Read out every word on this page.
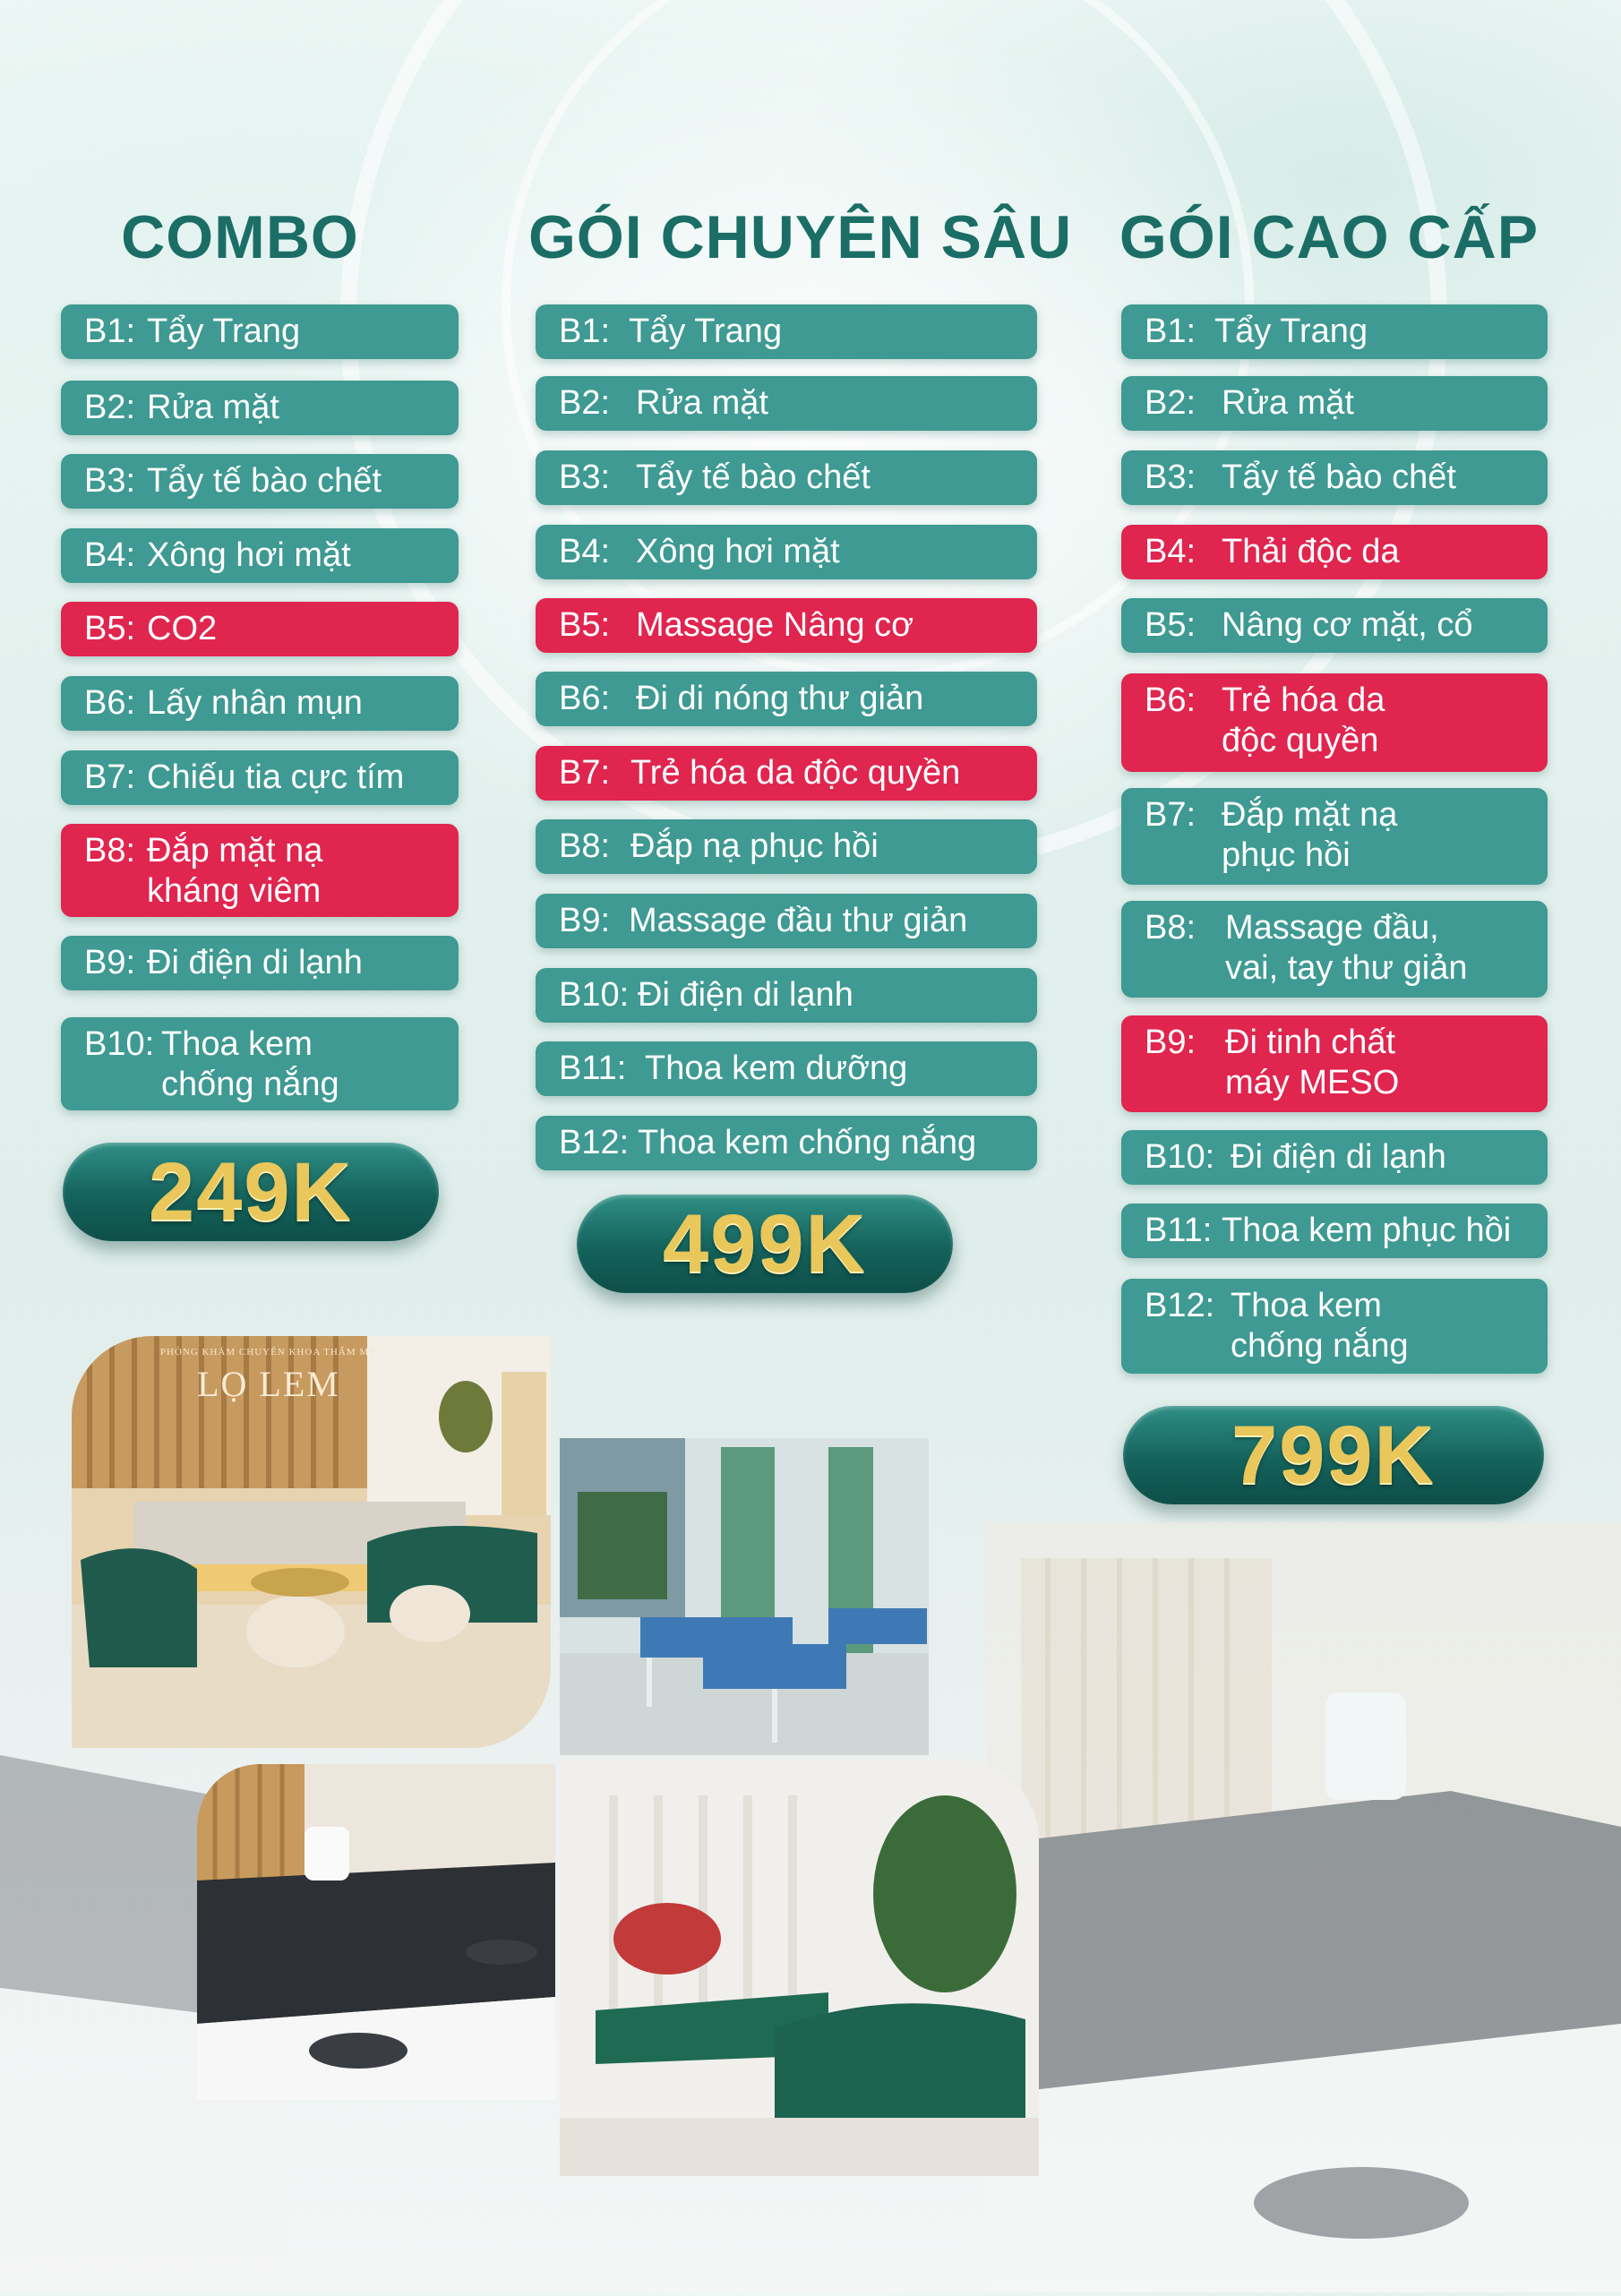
COMBO
B1: Tẩy Trang
B2: Rửa mặt
B3: Tẩy tế bào chết
B4: Xông hơi mặt
B5: CO2
B6: Lấy nhân mụn
B7: Chiếu tia cực tím
B8: Đắp mặt nạ
kháng viêm
B9: Đi điện di lạnh
B10: Thoa kem
chống nắng
249K
GÓI CHUYÊN SÂU
B1: Tẩy Trang
B2: Rửa mặt
B3: Tẩy tế bào chết
B4: Xông hơi mặt
B5: Massage Nâng cơ
B6: Đi di nóng thư giản
B7: Trẻ hóa da độc quyền
B8: Đắp nạ phục hồi
B9: Massage đầu thư giản
B10: Đi điện di lạnh
B11: Thoa kem dưỡng
B12: Thoa kem chống nắng
499K
GÓI CAO CẤP
B1: Tẩy Trang
B2: Rửa mặt
B3: Tẩy tế bào chết
B4: Thải độc da
B5: Nâng cơ mặt, cổ
B6: Trẻ hóa da
độc quyền
B7: Đắp mặt nạ
phục hồi
B8: Massage đầu,
vai, tay thư giản
B9: Đi tinh chất
máy MESO
B10: Đi điện di lạnh
B11: Thoa kem phục hồi
B12: Thoa kem
chống nắng
799K
PHÒNG KHÁM CHUYÊN KHOA THẨM MỸ
LỌ LEM
